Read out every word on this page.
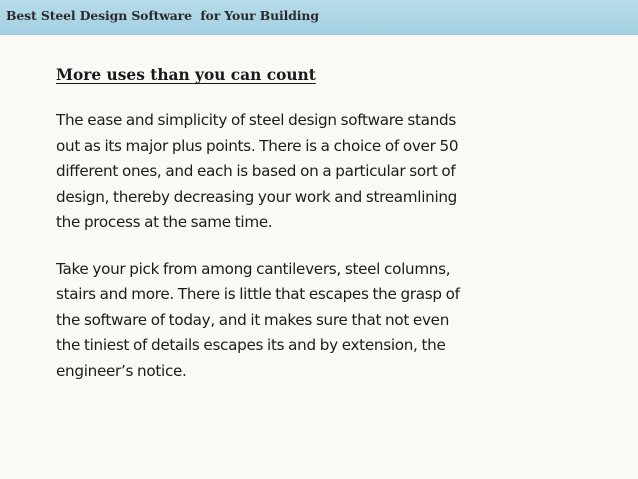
Best Steel Design Software  for Your Building
More uses than you can count

The ease and simplicity of steel design software stands
out as its major plus points. There is a choice of over 50
different ones, and each is based on a particular sort of
design, thereby decreasing your work and streamlining
the process at the same time.

Take your pick from among cantilevers, steel columns,
stairs and more. There is little that escapes the grasp of
the software of today, and it makes sure that not even
the tiniest of details escapes its and by extension, the
engineer’s notice.
